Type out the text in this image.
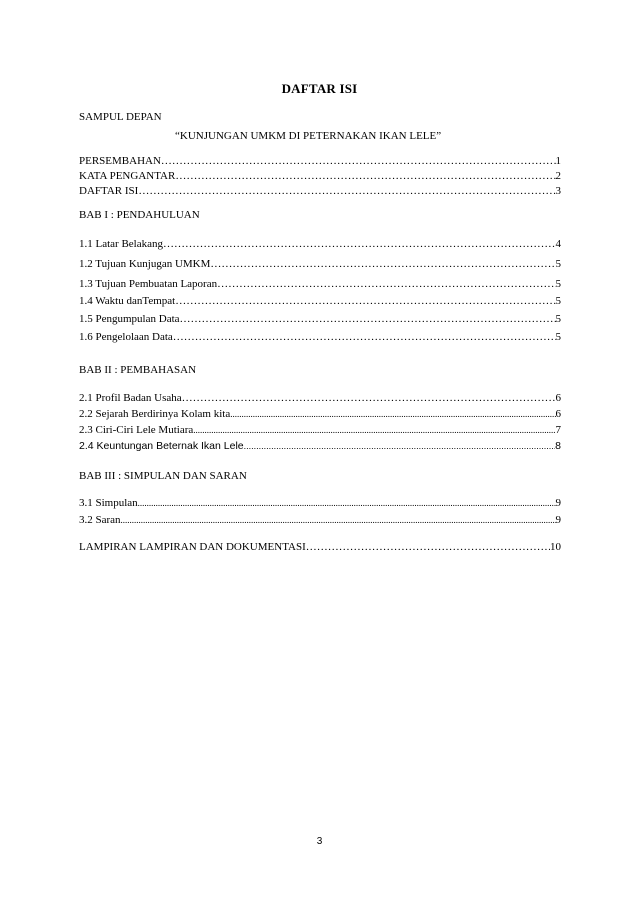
DAFTAR ISI
SAMPUL DEPAN
“KUNJUNGAN UMKM DI PETERNAKAN IKAN LELE”
PERSEMBAHAN ……………………………………………………………………………………………………………………………………………	1
KATA PENGANTAR ……………………………………………………………………………………………………………………………………………	2
DAFTAR ISI ……………………………………………………………………………………………………………………………………………	3
BAB I : PENDAHULUAN
1.1 Latar Belakang ……………………………………………………………………………………………………………………………………………	4
1.2 Tujuan Kunjugan UMKM ……………………………………………………………………………………………………………………………………………	5
1.3 Tujuan Pembuatan Laporan ……………………………………………………………………………………………………………………………………………	5
1.4 Waktu danTempat ……………………………………………………………………………………………………………………………………………	5
1.5 Pengumpulan Data ……………………………………………………………………………………………………………………………………………	5
1.6 Pengelolaan Data ……………………………………………………………………………………………………………………………………………	5
BAB II : PEMBAHASAN
2.1 Profil Badan Usaha ……………………………………………………………………………………………………………………………………………	6
2.2 Sejarah Berdirinya Kolam kita .....	6
2.3 Ciri-Ciri Lele Mutiara .....	7
2.4 Keuntungan Beternak Ikan Lele .....	8
BAB III : SIMPULAN DAN SARAN
3.1 Simpulan .....	9
3.2 Saran .....	9
LAMPIRAN LAMPIRAN DAN DOKUMENTASI ……………………………………………………………………………………………………………………………………………	10
3
